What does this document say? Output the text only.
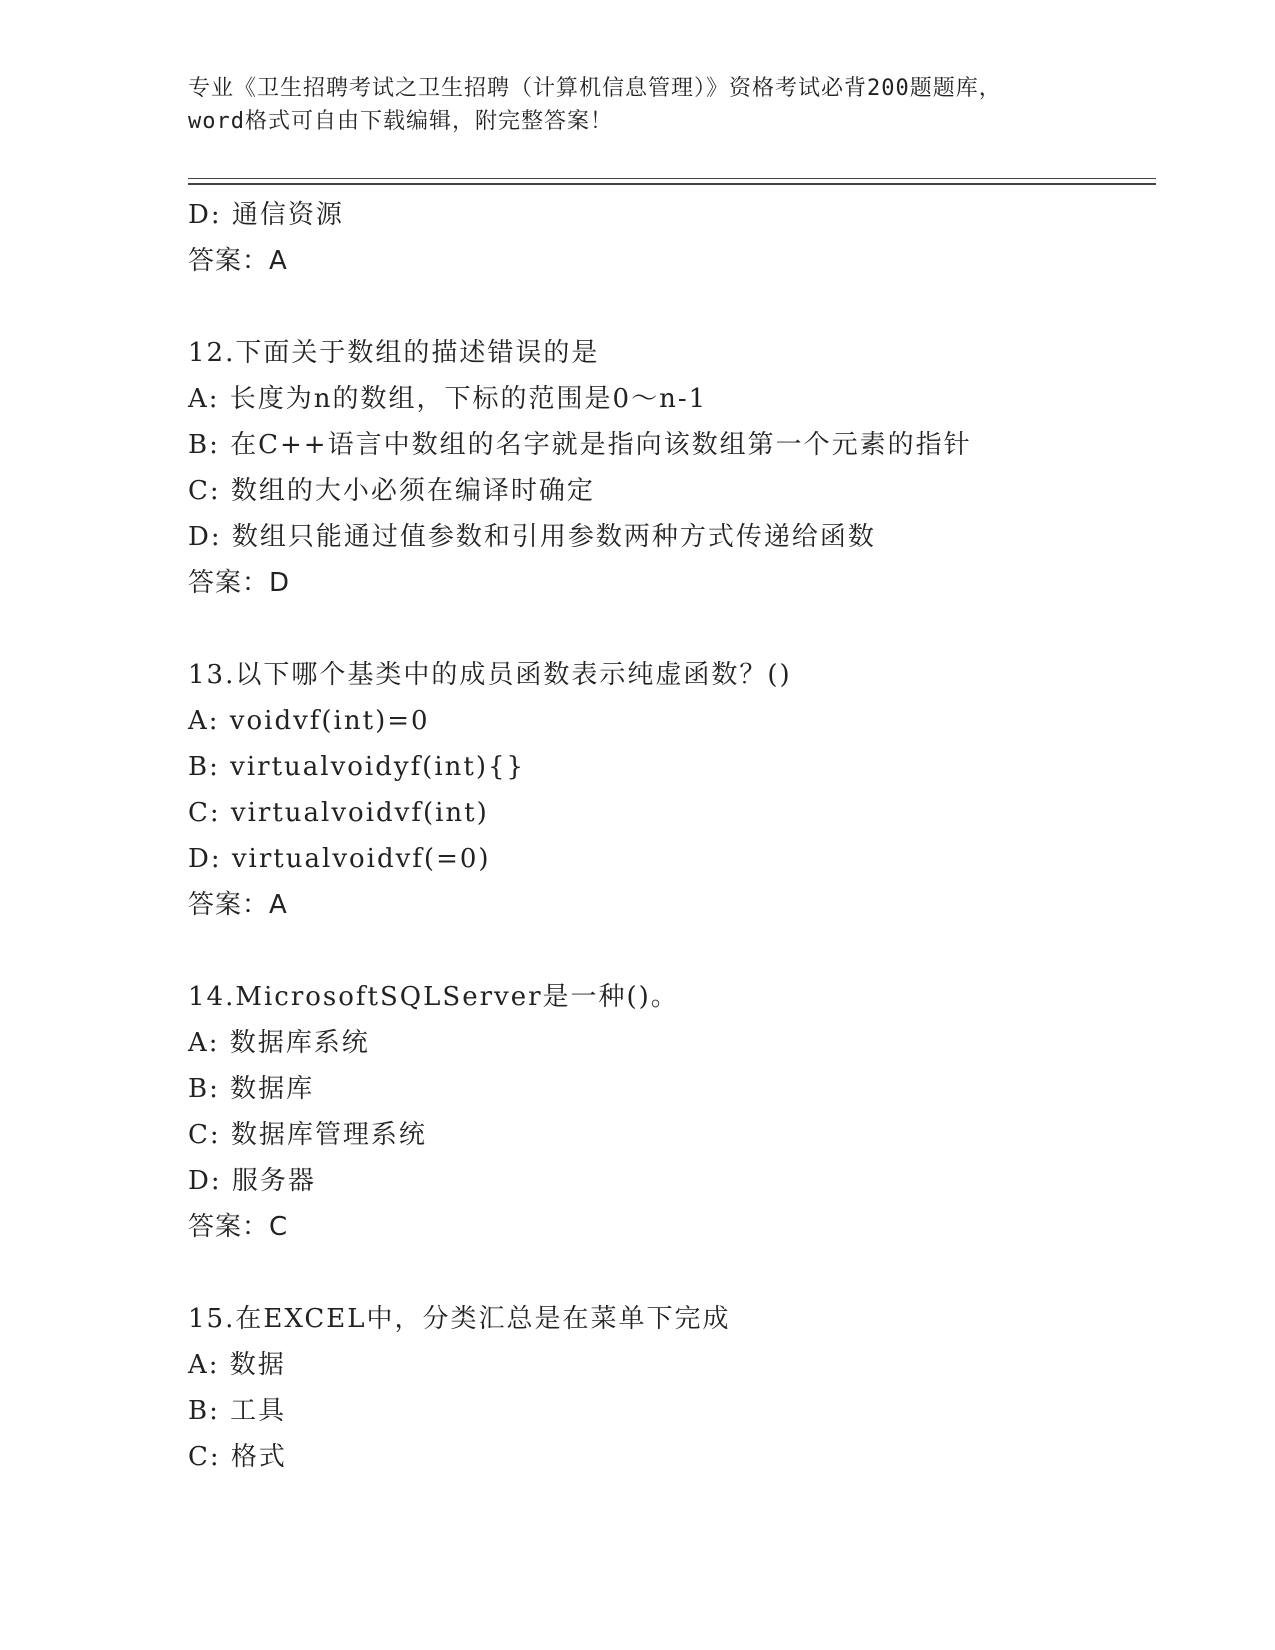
专业《卫生招聘考试之卫生招聘（计算机信息管理）》资格考试必背200题题库，
word格式可自由下载编辑，附完整答案！
D: 通信资源
答案：A
12.下面关于数组的描述错误的是
A: 长度为n的数组，下标的范围是0～n-1
B: 在C++语言中数组的名字就是指向该数组第一个元素的指针
C: 数组的大小必须在编译时确定
D: 数组只能通过值参数和引用参数两种方式传递给函数
答案：D
13.以下哪个基类中的成员函数表示纯虚函数？()
A: voidvf(int)=0
B: virtualvoidyf(int){}
C: virtualvoidvf(int)
D: virtualvoidvf(=0)
答案：A
14.MicrosoftSQLServer是一种()。
A: 数据库系统
B: 数据库
C: 数据库管理系统
D: 服务器
答案：C
15.在EXCEL中，分类汇总是在菜单下完成
A: 数据
B: 工具
C: 格式
